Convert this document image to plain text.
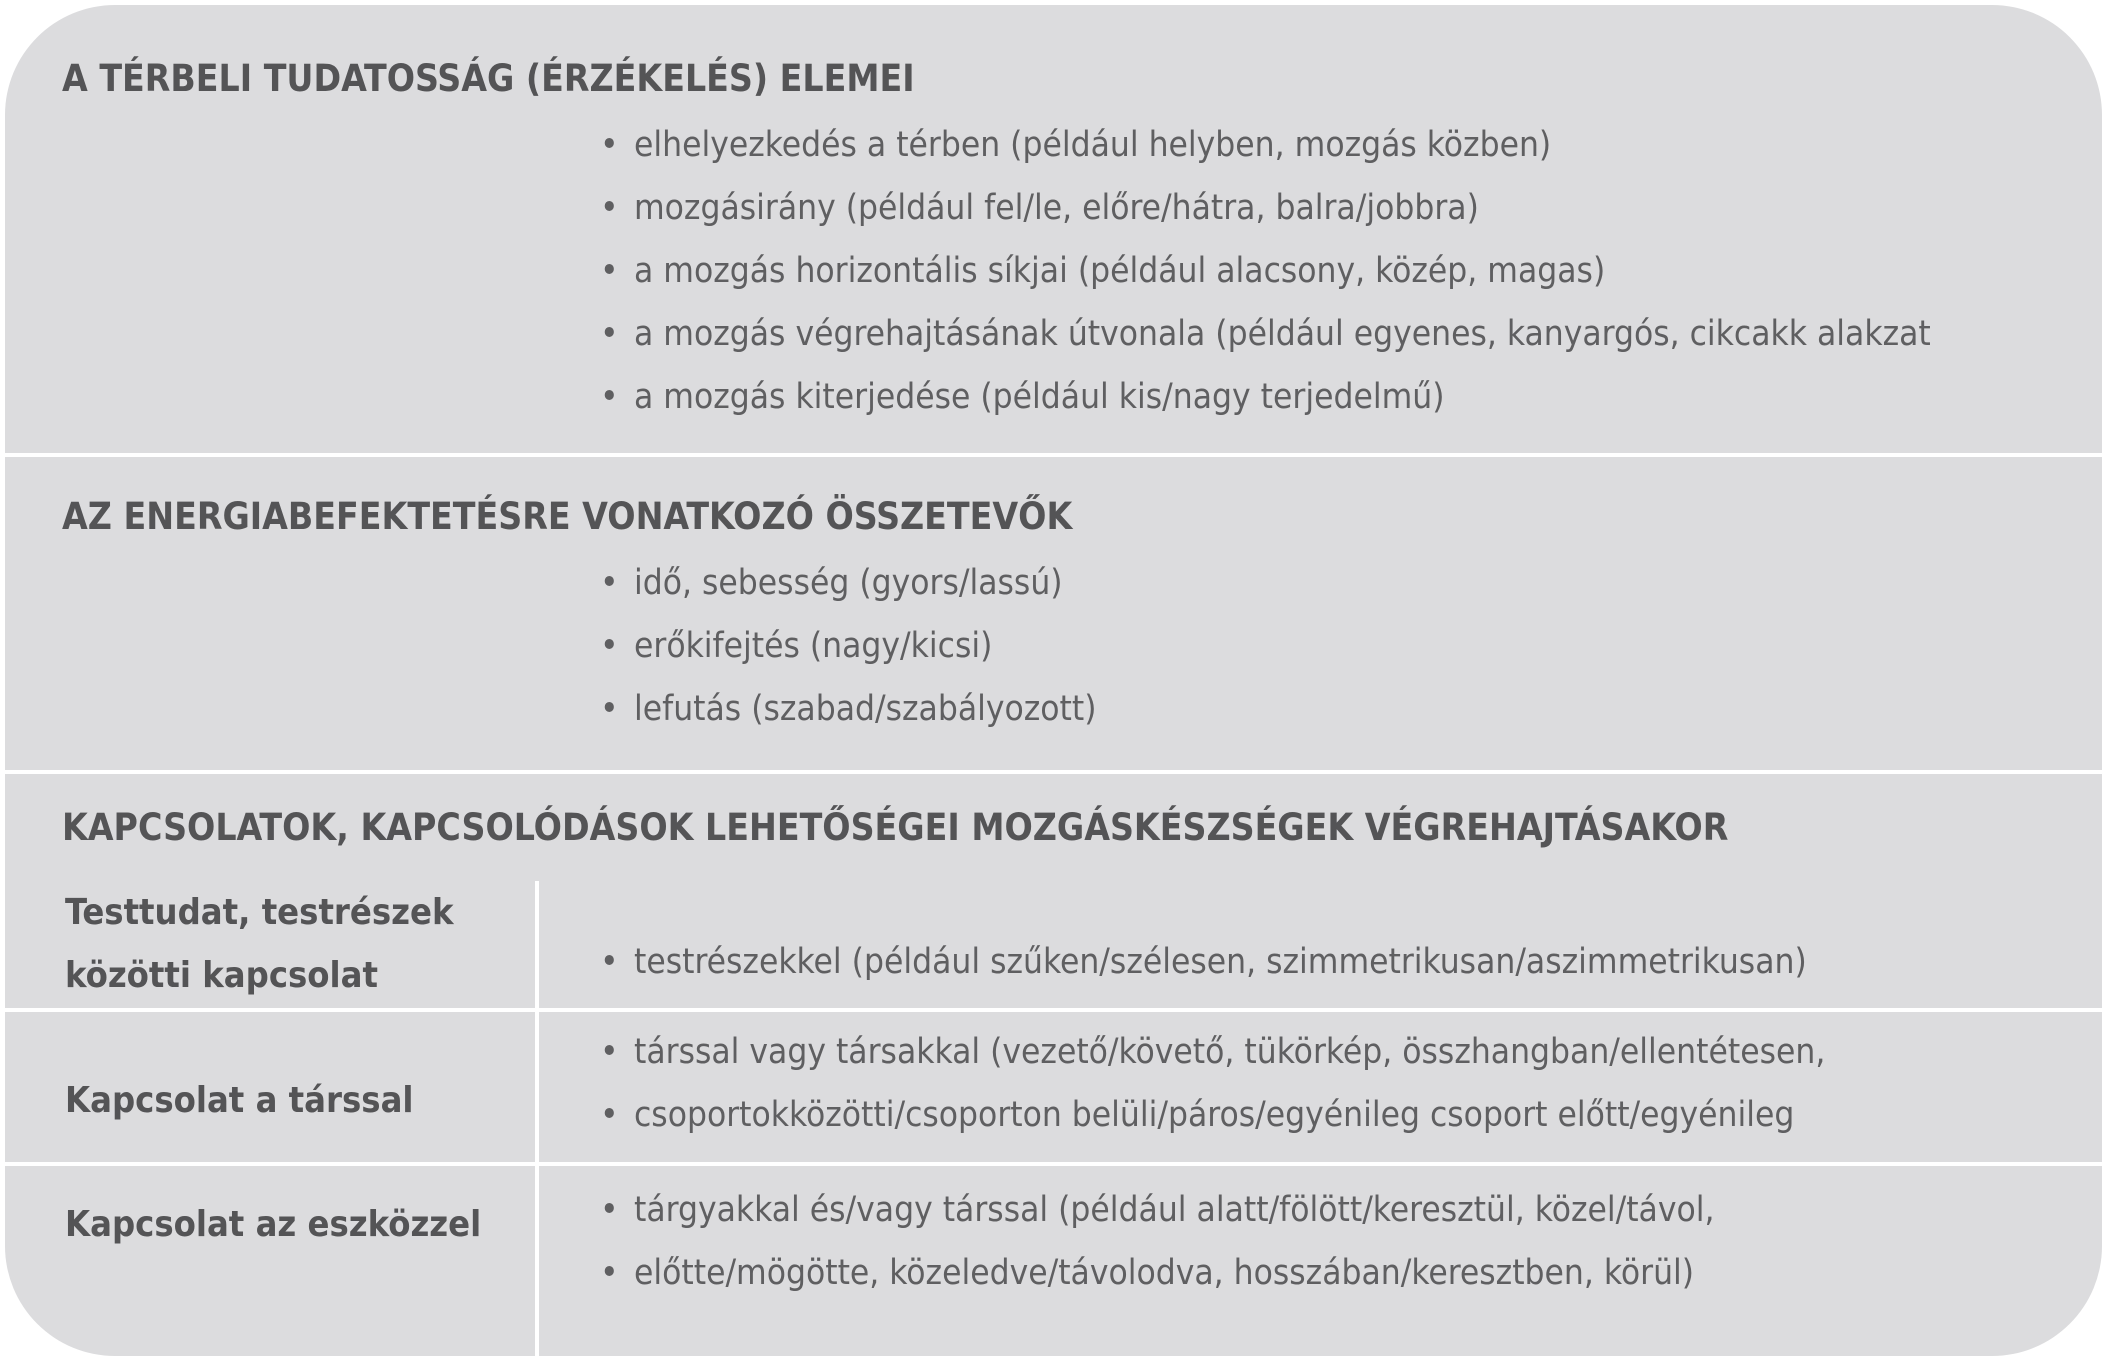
A TÉRBELI TUDATOSSÁG (ÉRZÉKELÉS) ELEMEI
• elhelyezkedés a térben (például helyben, mozgás közben)
• mozgásirány (például fel/le, előre/hátra, balra/jobbra)
• a mozgás horizontális síkjai (például alacsony, közép, magas)
• a mozgás végrehajtásának útvonala (például egyenes, kanyargós, cikcakk alakzat
• a mozgás kiterjedése (például kis/nagy terjedelmű)
AZ ENERGIABEFEKTETÉSRE VONATKOZÓ ÖSSZETEVŐK
• idő, sebesség (gyors/lassú)
• erőkifejtés (nagy/kicsi)
• lefutás (szabad/szabályozott)
KAPCSOLATOK, KAPCSOLÓDÁSOK LEHETŐSÉGEI MOZGÁSKÉSZSÉGEK VÉGREHAJTÁSAKOR
Testtudat, testrészek
közötti kapcsolat	• testrészekkel (például szűken/szélesen, szimmetrikusan/aszimmetrikusan)
Kapcsolat a társsal
• társsal vagy társakkal (vezető/követő, tükörkép, összhangban/ellentétesen,
• csoportokközötti/csoporton belüli/páros/egyénileg csoport előtt/egyénileg
Kapcsolat az eszközzel	• tárgyakkal és/vagy társsal (például alatt/fölött/keresztül, közel/távol,
• előtte/mögötte, közeledve/távolodva, hosszában/keresztben, körül)
